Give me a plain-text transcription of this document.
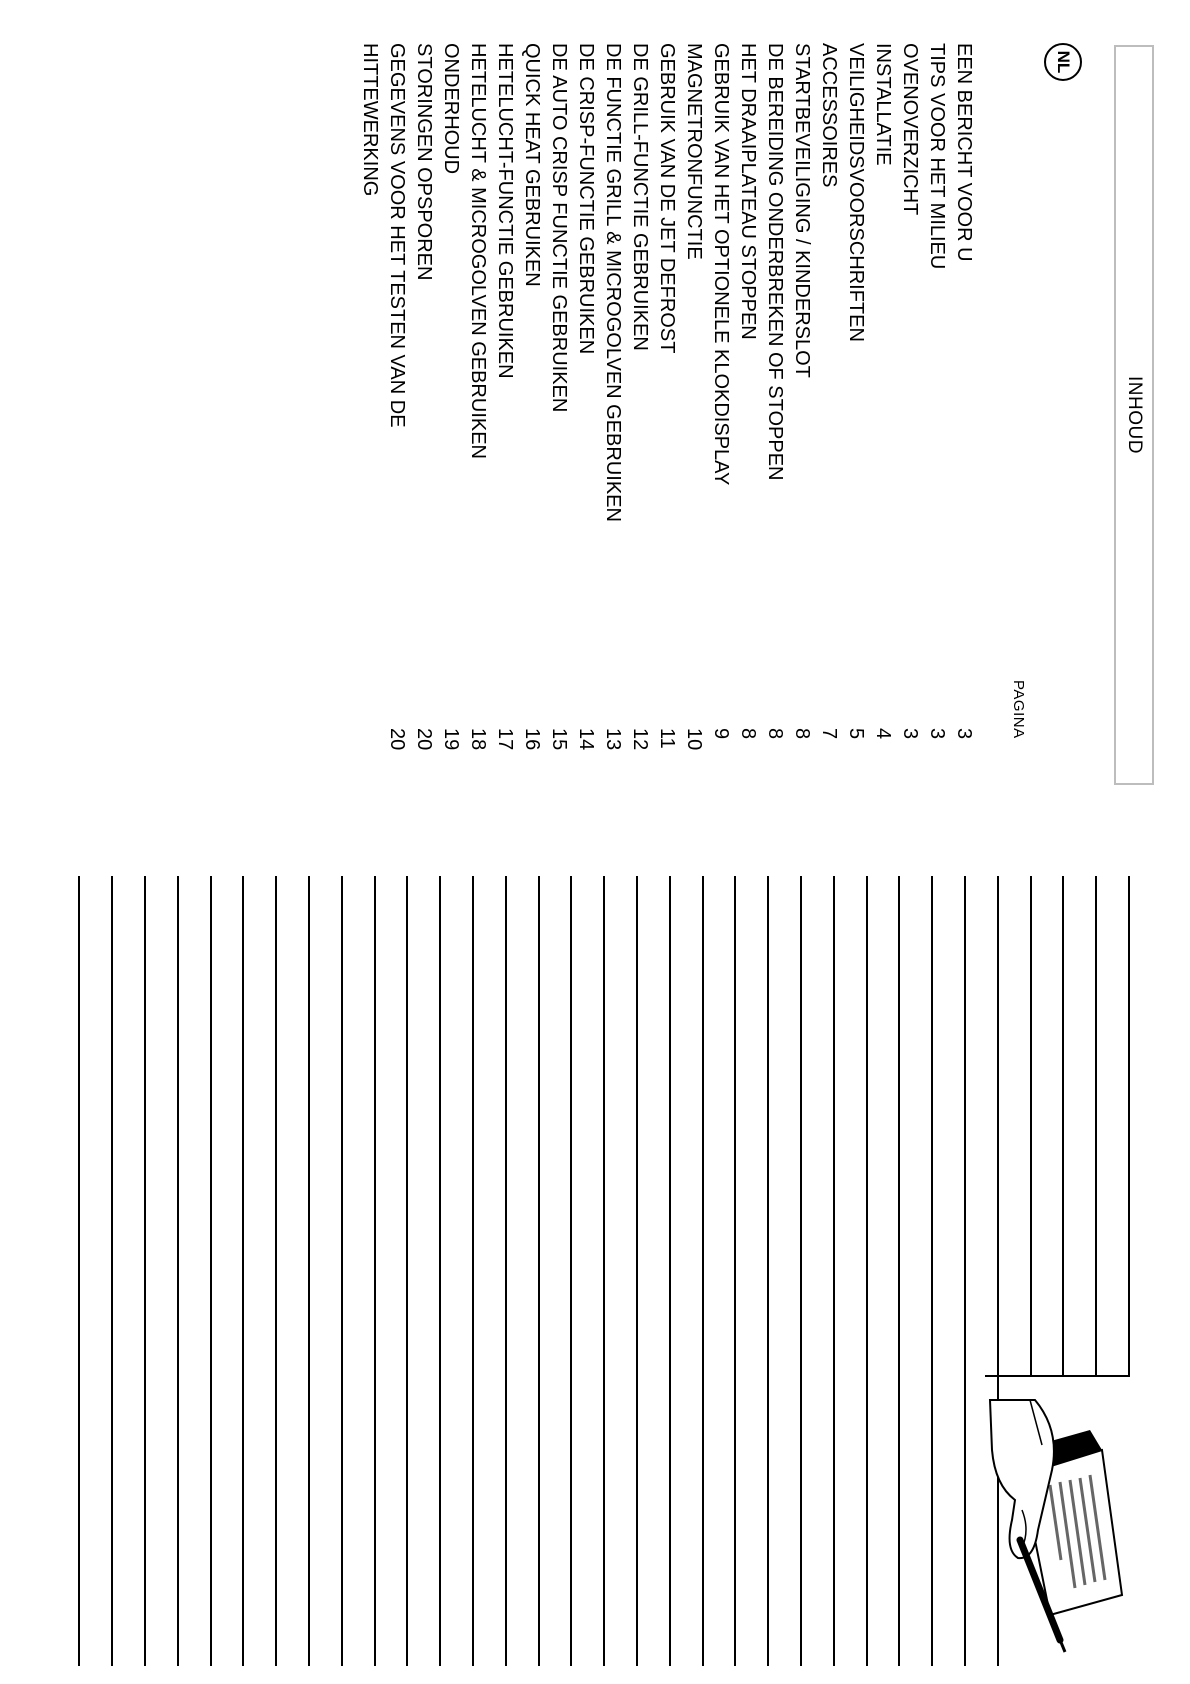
INHOUD
NL
PAGINA
EEN BERICHT VOOR U
3
TIPS VOOR HET MILIEU
3
OVENOVERZICHT
3
INSTALLATIE
4
VEILIGHEIDSVOORSCHRIFTEN
5
ACCESSOIRES
7
STARTBEVEILIGING / KINDERSLOT
8
DE BEREIDING ONDERBREKEN OF STOPPEN
8
HET DRAAIPLATEAU STOPPEN
8
GEBRUIK VAN HET OPTIONELE KLOKDISPLAY
9
MAGNETRONFUNCTIE
10
GEBRUIK VAN DE JET DEFROST
11
DE GRILL-FUNCTIE GEBRUIKEN
12
DE FUNCTIE GRILL & MICROGOLVEN GEBRUIKEN
13
DE CRISP-FUNCTIE GEBRUIKEN
14
DE AUTO CRISP FUNCTIE GEBRUIKEN
15
QUICK HEAT GEBRUIKEN
16
HETELUCHT-FUNCTIE GEBRUIKEN
17
HETELUCHT & MICROGOLVEN GEBRUIKEN
18
ONDERHOUD
19
STORINGEN OPSPOREN
20
GEGEVENS VOOR HET TESTEN VAN DE
HITTEWERKING
20
